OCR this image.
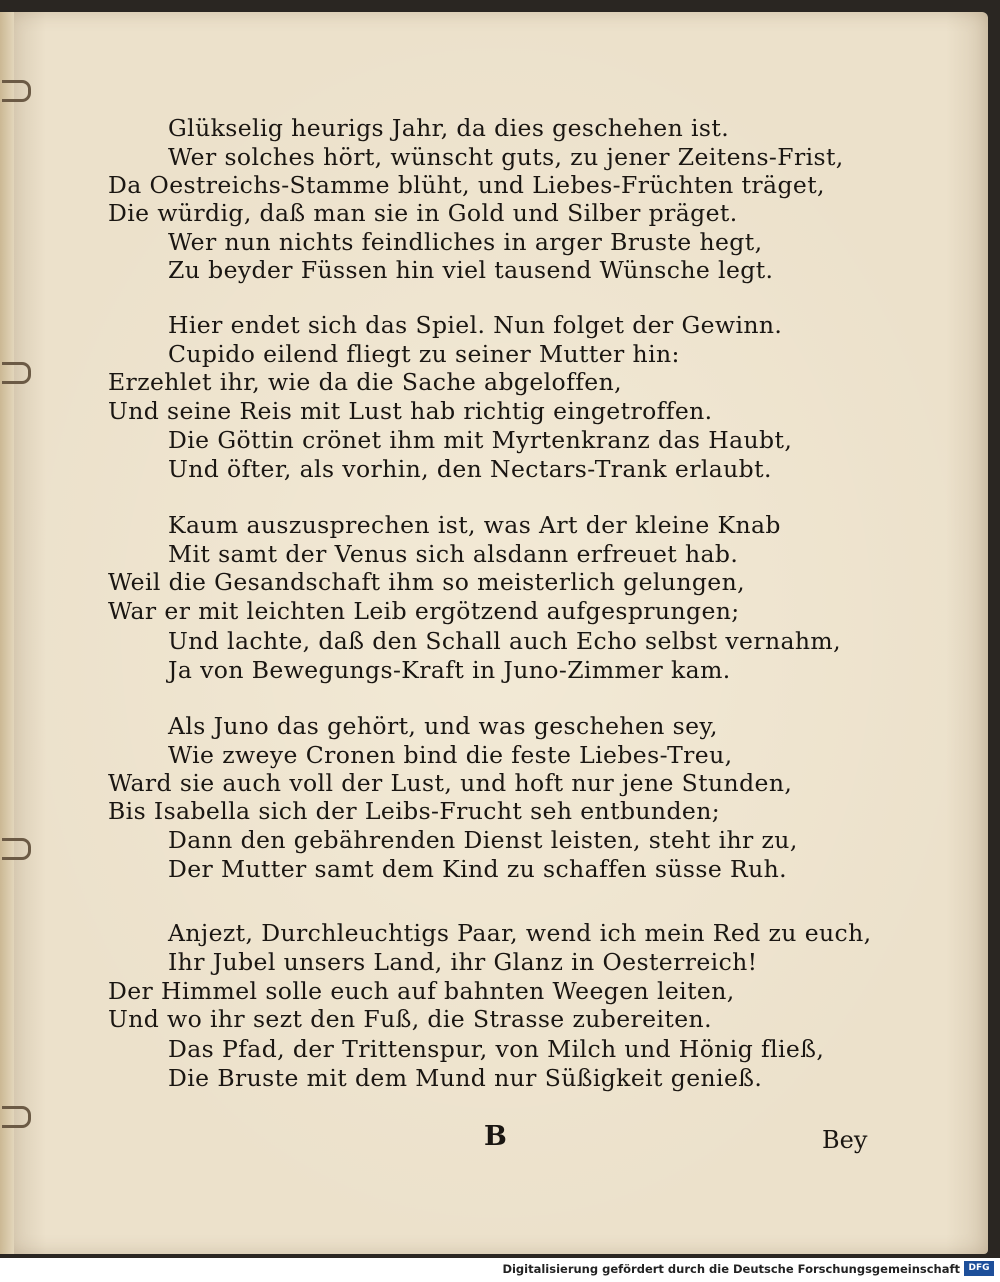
Glükselig heurigs Jahr, da dies geschehen ist.
Wer solches hört, wünscht guts, zu jener Zeitens-Frist,
Da Oestreichs-Stamme blüht, und Liebes-Früchten träget,
Die würdig, daß man sie in Gold und Silber präget.
Wer nun nichts feindliches in arger Bruste hegt,
Zu beyder Füssen hin viel tausend Wünsche legt.
Hier endet sich das Spiel. Nun folget der Gewinn.
Cupido eilend fliegt zu seiner Mutter hin:
Erzehlet ihr, wie da die Sache abgeloffen,
Und seine Reis mit Lust hab richtig eingetroffen.
Die Göttin crönet ihm mit Myrtenkranz das Haubt,
Und öfter, als vorhin, den Nectars-Trank erlaubt.
Kaum auszusprechen ist, was Art der kleine Knab
Mit samt der Venus sich alsdann erfreuet hab.
Weil die Gesandschaft ihm so meisterlich gelungen,
War er mit leichten Leib ergötzend aufgesprungen;
Und lachte, daß den Schall auch Echo selbst vernahm,
Ja von Bewegungs-Kraft in Juno-Zimmer kam.
Als Juno das gehört, und was geschehen sey,
Wie zweye Cronen bind die feste Liebes-Treu,
Ward sie auch voll der Lust, und hoft nur jene Stunden,
Bis Isabella sich der Leibs-Frucht seh entbunden;
Dann den gebährenden Dienst leisten, steht ihr zu,
Der Mutter samt dem Kind zu schaffen süsse Ruh.
Anjezt, Durchleuchtigs Paar, wend ich mein Red zu euch,
Ihr Jubel unsers Land, ihr Glanz in Oesterreich!
Der Himmel solle euch auf bahnten Weegen leiten,
Und wo ihr sezt den Fuß, die Strasse zubereiten.
Das Pfad, der Trittenspur, von Milch und Hönig fließ,
Die Bruste mit dem Mund nur Süßigkeit genieß.
B	Bey
Digitalisierung gefördert durch die Deutsche Forschungsgemeinschaft DFG
